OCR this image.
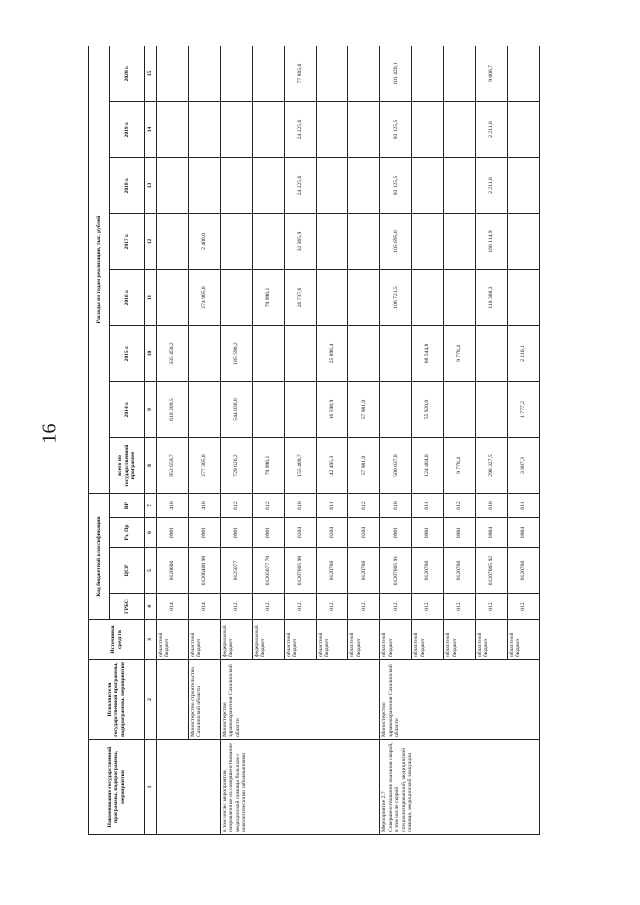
16
Наименование государственной программы, подпрограммы, мероприятия	Исполнители государственной программы, подпрограммы, мероприятия	Источники средств	Код бюджетной классификации				Расходы по годам реализации, тыс. рублей							
			ГРБС	ЦСР	Рз, Пр	ВР	всего по государственной программе	2014 г.	2015 г.	2016 г.	2017 г.	2018 г.	2019 г.	2020 г.
1	2	3	4	5	6	7	8	9	10	11	12	13	14	15
		областной бюджет	014	0120600	0901	410	953 659,7	618 209,5	335 450,2					
	Министерство строительства Сахалинской области	областной бюджет	014	01206400 90	0901	410	277 305,8			274 905,8	2 400,0			
в том числе: мероприятия, направленные на совершенствование медицинской помощи больным с онкологическими заболеваниями	Министерство здравоохранения Сахалинской области	федеральный бюджет	012	0125077	0901	612	729 626,2	544 036,0	185 590,2					
		федеральный бюджет	012	01205077 70	0901	612	79 996,1			79 996,1				
		областной бюджет	012	01207005 90	0204	610	155 409,7			26 737,6	32 365,9	24 225,6	24 225,6	77 805,0
		областной бюджет	012	0120700	0204	611	42 495,3	16 598,9	25 896,4					
		областной бюджет	012	0120700	0204	612	57 981,0	57 981,0						
Мероприятие 2.7 Совершенствование оказания скорой, в том числе скорой специализированной, медицинской помощи, медицинской эвакуации	Министерство здравоохранения Сахалинской области	областной бюджет	012	01207005 91	0901	610	500 037,8			106 721,5	105 695,0	93 125,5	93 125,5	101 420,1
		областной бюджет	012	0120700	0901	611	124 464,8	55 920,0	68 544,8					
		областной бюджет	012	0120700	0901	612	9 778,4		9 778,4					
		областной бюджет	012	01207005 92	0904	610	298 327,5			118 388,3	166 114,9	2 211,8	2 211,8	9 000,7
		областной бюджет	012	0120700	0904	611	3 887,3	1 777,2	2 110,1					
